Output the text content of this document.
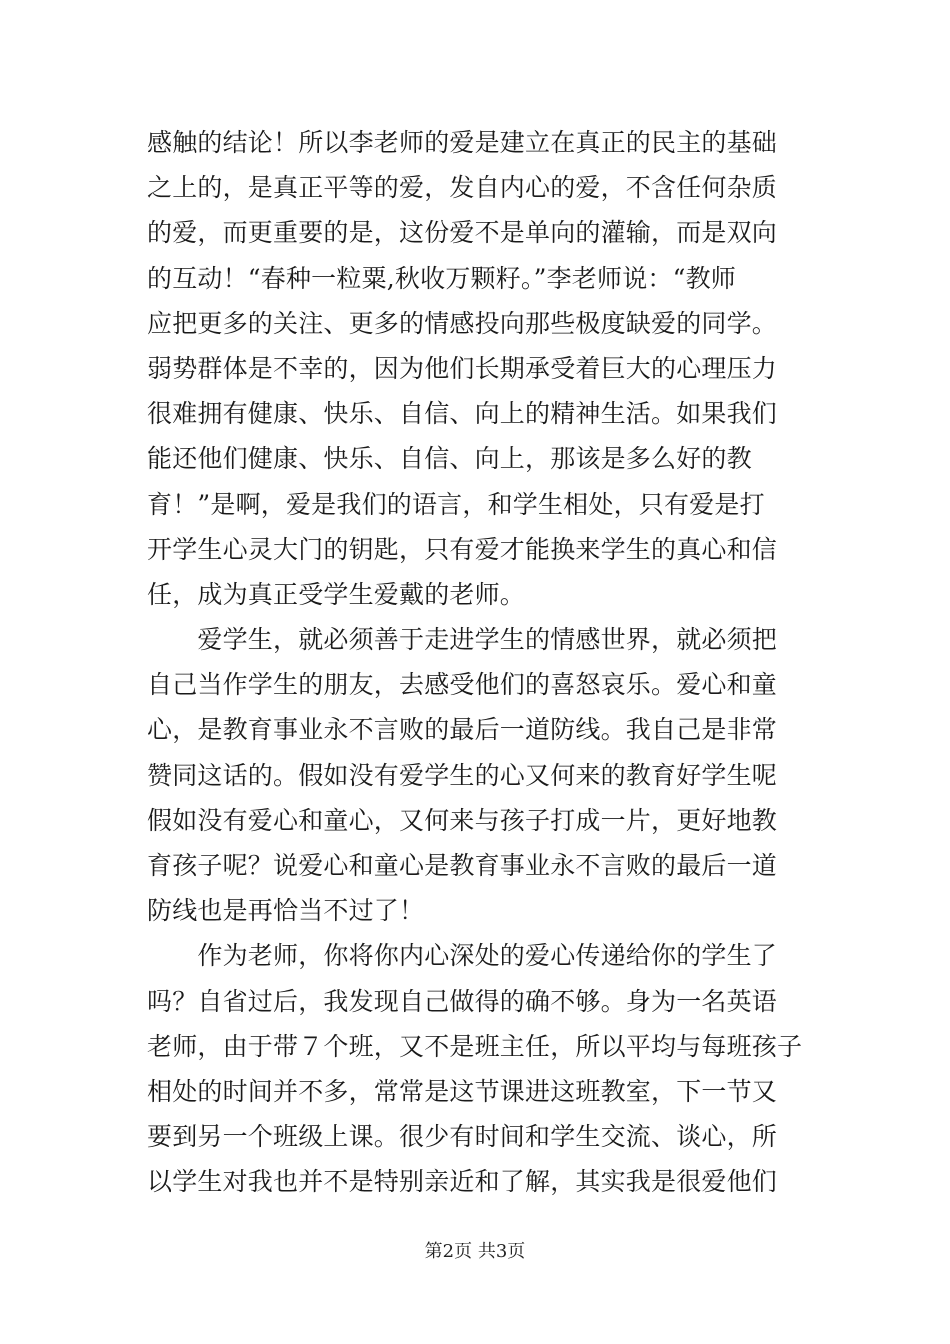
感触的结论！所以李老师的爱是建立在真正的民主的基础
之上的，是真正平等的爱，发自内心的爱，不含任何杂质
的爱，而更重要的是，这份爱不是单向的灌输，而是双向
的互动！“春种一粒粟,秋收万颗籽。”李老师说：“教师
应把更多的关注、更多的情感投向那些极度缺爱的同学。
弱势群体是不幸的，因为他们长期承受着巨大的心理压力
很难拥有健康、快乐、自信、向上的精神生活。如果我们
能还他们健康、快乐、自信、向上，那该是多么好的教
育！”是啊，爱是我们的语言，和学生相处，只有爱是打
开学生心灵大门的钥匙，只有爱才能换来学生的真心和信
任，成为真正受学生爱戴的老师。
　　爱学生，就必须善于走进学生的情感世界，就必须把
自己当作学生的朋友，去感受他们的喜怒哀乐。爱心和童
心，是教育事业永不言败的最后一道防线。我自己是非常
赞同这话的。假如没有爱学生的心又何来的教育好学生呢
假如没有爱心和童心，又何来与孩子打成一片，更好地教
育孩子呢？说爱心和童心是教育事业永不言败的最后一道
防线也是再恰当不过了！
　　作为老师，你将你内心深处的爱心传递给你的学生了
吗？自省过后，我发现自己做得的确不够。身为一名英语
老师，由于带７个班，又不是班主任，所以平均与每班孩子
相处的时间并不多，常常是这节课进这班教室，下一节又
要到另一个班级上课。很少有时间和学生交流、谈心，所
以学生对我也并不是特别亲近和了解，其实我是很爱他们
第2页 共3页
